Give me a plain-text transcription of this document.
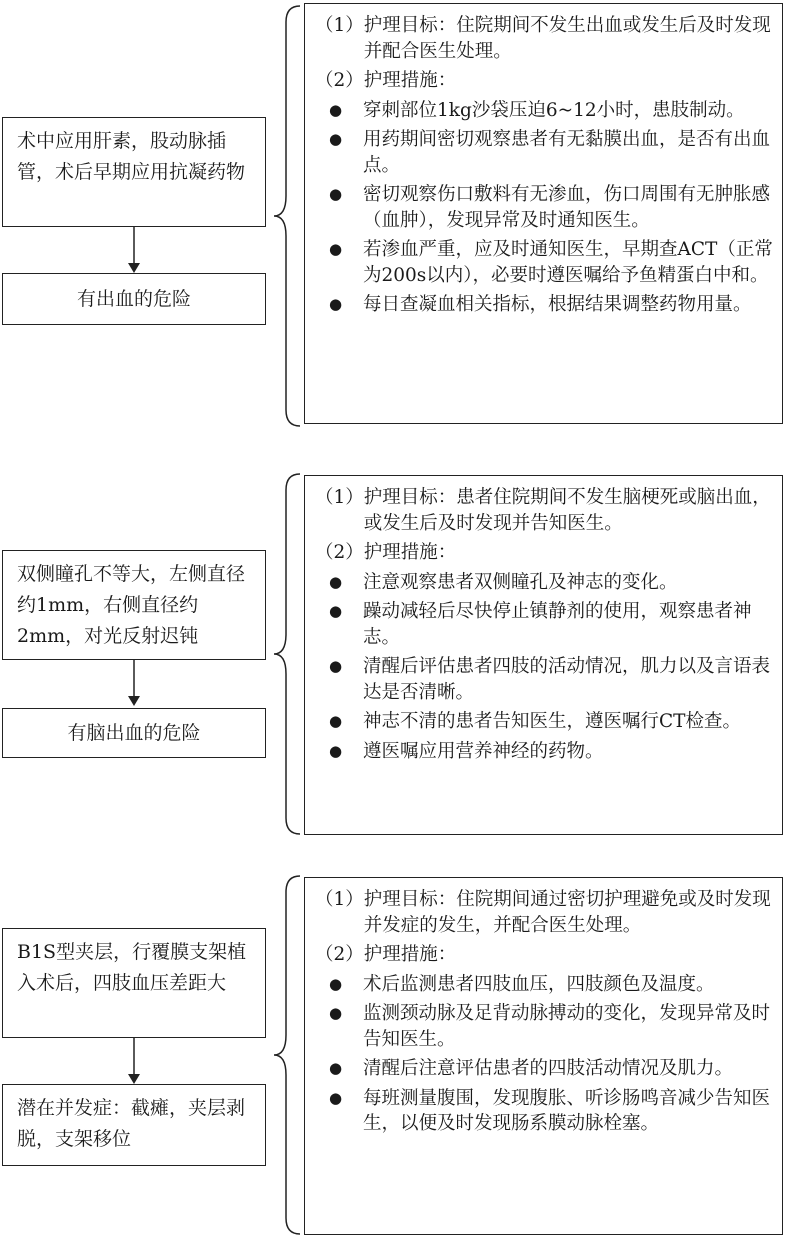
术中应用肝素，股动脉插管，术后早期应用抗凝药物
有出血的危险
（1） 护理目标：住院期间不发生出血或发生后及时发现并配合医生处理。
（2） 护理措施：
●	穿刺部位1kg沙袋压迫6~12小时，患肢制动。
●	用药期间密切观察患者有无黏膜出血，是否有出血点。
●	密切观察伤口敷料有无渗血，伤口周围有无肿胀感（血肿），发现异常及时通知医生。
●	若渗血严重，应及时通知医生，早期查ACT（正常为200s以内），必要时遵医嘱给予鱼精蛋白中和。
●	每日查凝血相关指标，根据结果调整药物用量。
双侧瞳孔不等大，左侧直径约1mm，右侧直径约2mm，对光反射迟钝
有脑出血的危险
（1） 护理目标：患者住院期间不发生脑梗死或脑出血，或发生后及时发现并告知医生。
（2） 护理措施：
●	注意观察患者双侧瞳孔及神志的变化。
●	躁动减轻后尽快停止镇静剂的使用，观察患者神志。
●	清醒后评估患者四肢的活动情况，肌力以及言语表达是否清晰。
●	神志不清的患者告知医生，遵医嘱行CT检查。
●	遵医嘱应用营养神经的药物。
B1S型夹层，行覆膜支架植入术后，四肢血压差距大
潜在并发症：截瘫，夹层剥脱，支架移位
（1） 护理目标：住院期间通过密切护理避免或及时发现并发症的发生，并配合医生处理。
（2） 护理措施：
●	术后监测患者四肢血压，四肢颜色及温度。
●	监测颈动脉及足背动脉搏动的变化，发现异常及时告知医生。
●	清醒后注意评估患者的四肢活动情况及肌力。
●	每班测量腹围，发现腹胀、听诊肠鸣音减少告知医生，以便及时发现肠系膜动脉栓塞。
